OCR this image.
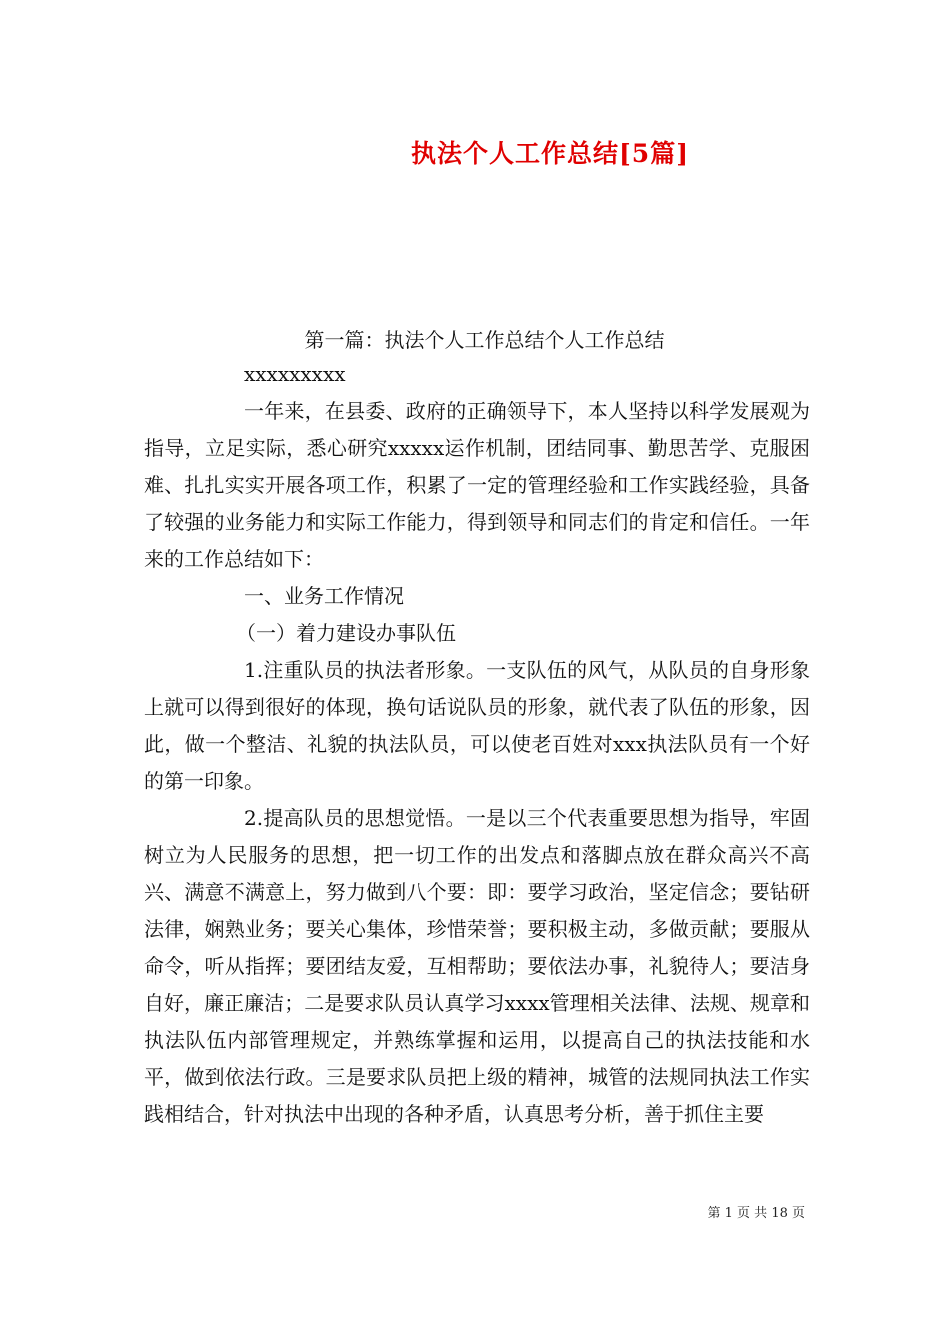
执法个人工作总结[5篇]
第一篇：执法个人工作总结个人工作总结

xxxxxxxxx

一年来，在县委、政府的正确领导下，本人坚持以科学发展观为指导，立足实际，悉心研究xxxxx运作机制，团结同事、勤思苦学、克服困难、扎扎实实开展各项工作，积累了一定的管理经验和工作实践经验，具备了较强的业务能力和实际工作能力，得到领导和同志们的肯定和信任。一年来的工作总结如下：

一、业务工作情况

（一）着力建设办事队伍

1.注重队员的执法者形象。一支队伍的风气，从队员的自身形象上就可以得到很好的体现，换句话说队员的形象，就代表了队伍的形象，因此，做一个整洁、礼貌的执法队员，可以使老百姓对xxx执法队员有一个好的第一印象。

2.提高队员的思想觉悟。一是以三个代表重要思想为指导，牢固树立为人民服务的思想，把一切工作的出发点和落脚点放在群众高兴不高兴、满意不满意上，努力做到八个要：即：要学习政治，坚定信念；要钻研法律，娴熟业务；要关心集体，珍惜荣誉；要积极主动，多做贡献；要服从命令，听从指挥；要团结友爱，互相帮助；要依法办事，礼貌待人；要洁身自好，廉正廉洁；二是要求队员认真学习xxxx管理相关法律、法规、规章和执法队伍内部管理规定，并熟练掌握和运用，以提高自己的执法技能和水平，做到依法行政。三是要求队员把上级的精神，城管的法规同执法工作实践相结合，针对执法中出现的各种矛盾，认真思考分析，善于抓住主要

第 1 页 共 18 页
